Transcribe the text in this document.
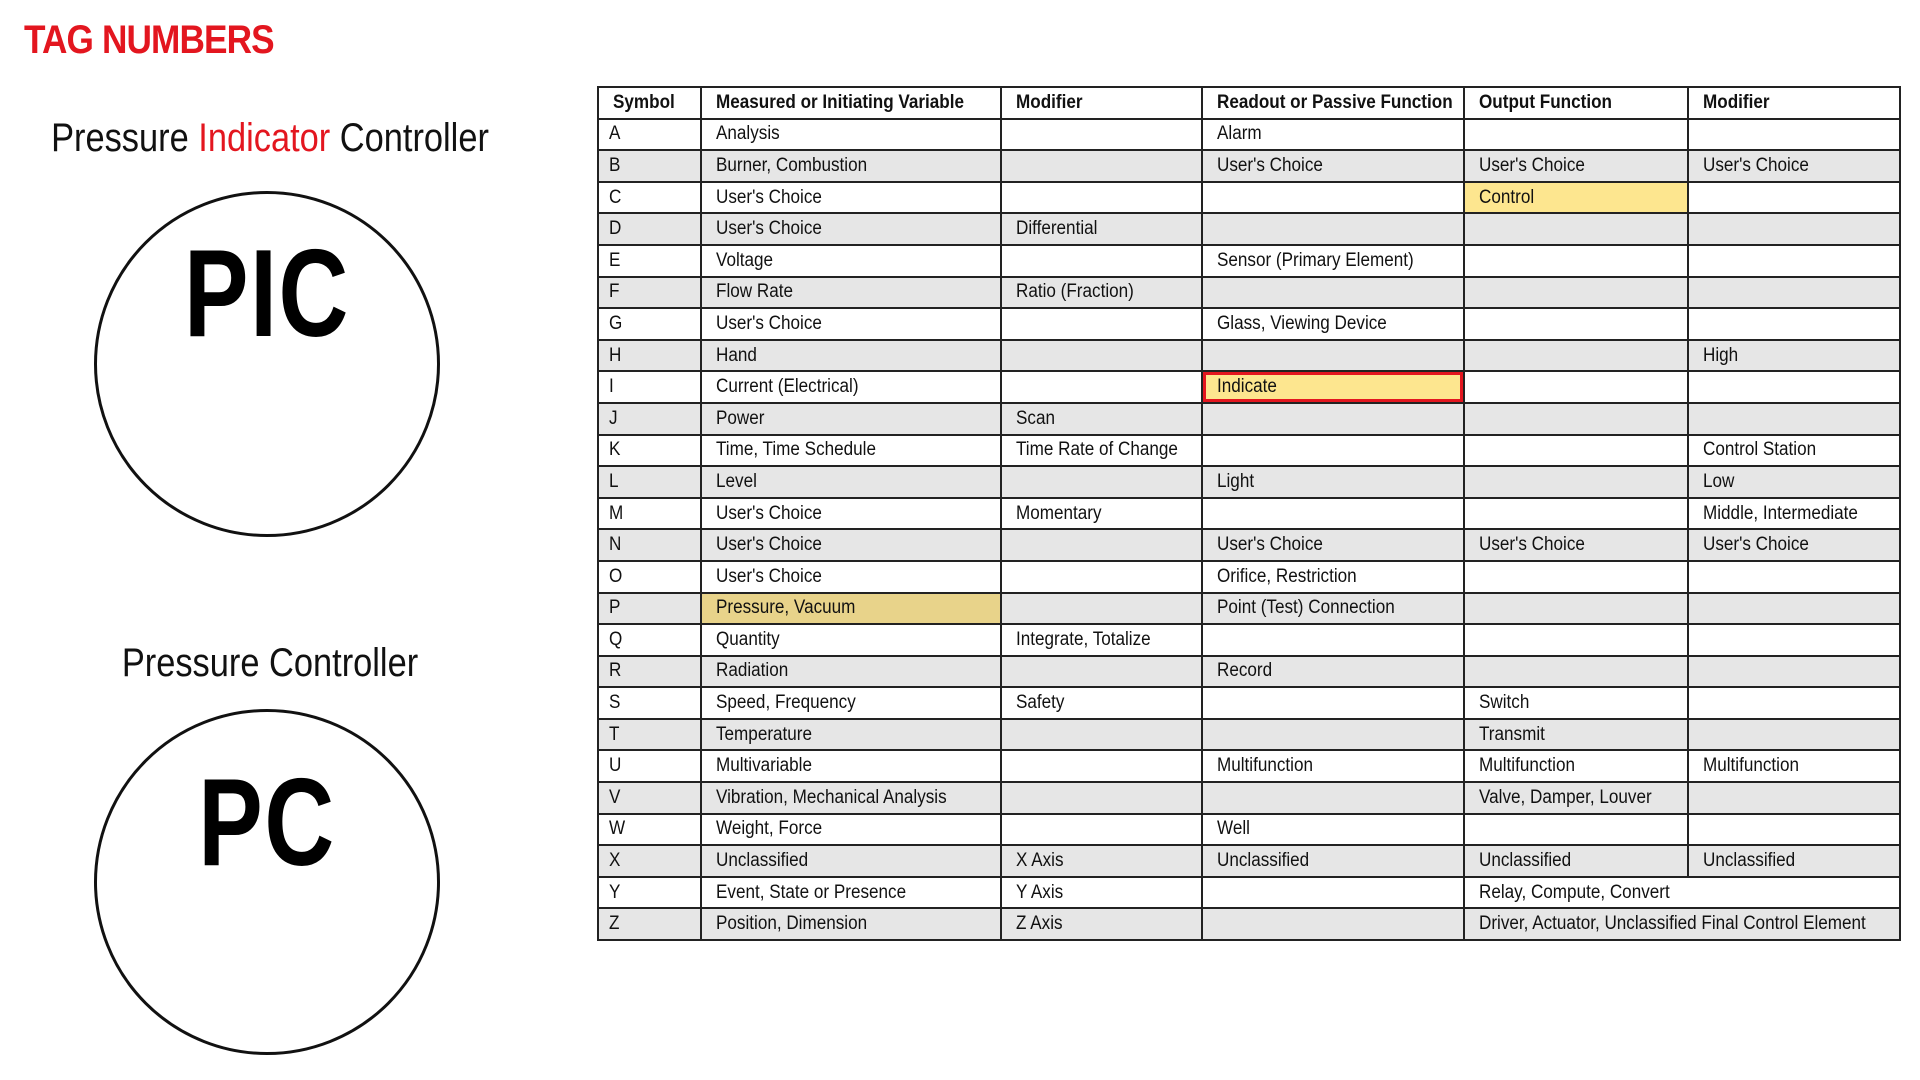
TAG NUMBERS
Pressure Indicator Controller
PIC
Pressure Controller
PC
Symbol	Measured or Initiating Variable	Modifier	Readout or Passive Function	Output Function	Modifier
A	Analysis		Alarm		
B	Burner, Combustion		User's Choice	User's Choice	User's Choice
C	User's Choice			Control	
D	User's Choice	Differential			
E	Voltage		Sensor (Primary Element)		
F	Flow Rate	Ratio (Fraction)			
G	User's Choice		Glass, Viewing Device		
H	Hand				High
I	Current (Electrical)		Indicate		
J	Power	Scan			
K	Time, Time Schedule	Time Rate of Change			Control Station
L	Level		Light		Low
M	User's Choice	Momentary			Middle, Intermediate
N	User's Choice		User's Choice	User's Choice	User's Choice
O	User's Choice		Orifice, Restriction		
P	Pressure, Vacuum		Point (Test) Connection		
Q	Quantity	Integrate, Totalize			
R	Radiation		Record		
S	Speed, Frequency	Safety		Switch	
T	Temperature			Transmit	
U	Multivariable		Multifunction	Multifunction	Multifunction
V	Vibration, Mechanical Analysis			Valve, Damper, Louver	
W	Weight, Force		Well		
X	Unclassified	X Axis	Unclassified	Unclassified	Unclassified
Y	Event, State or Presence	Y Axis		Relay, Compute, Convert	
Z	Position, Dimension	Z Axis		Driver, Actuator, Unclassified Final Control Element	
